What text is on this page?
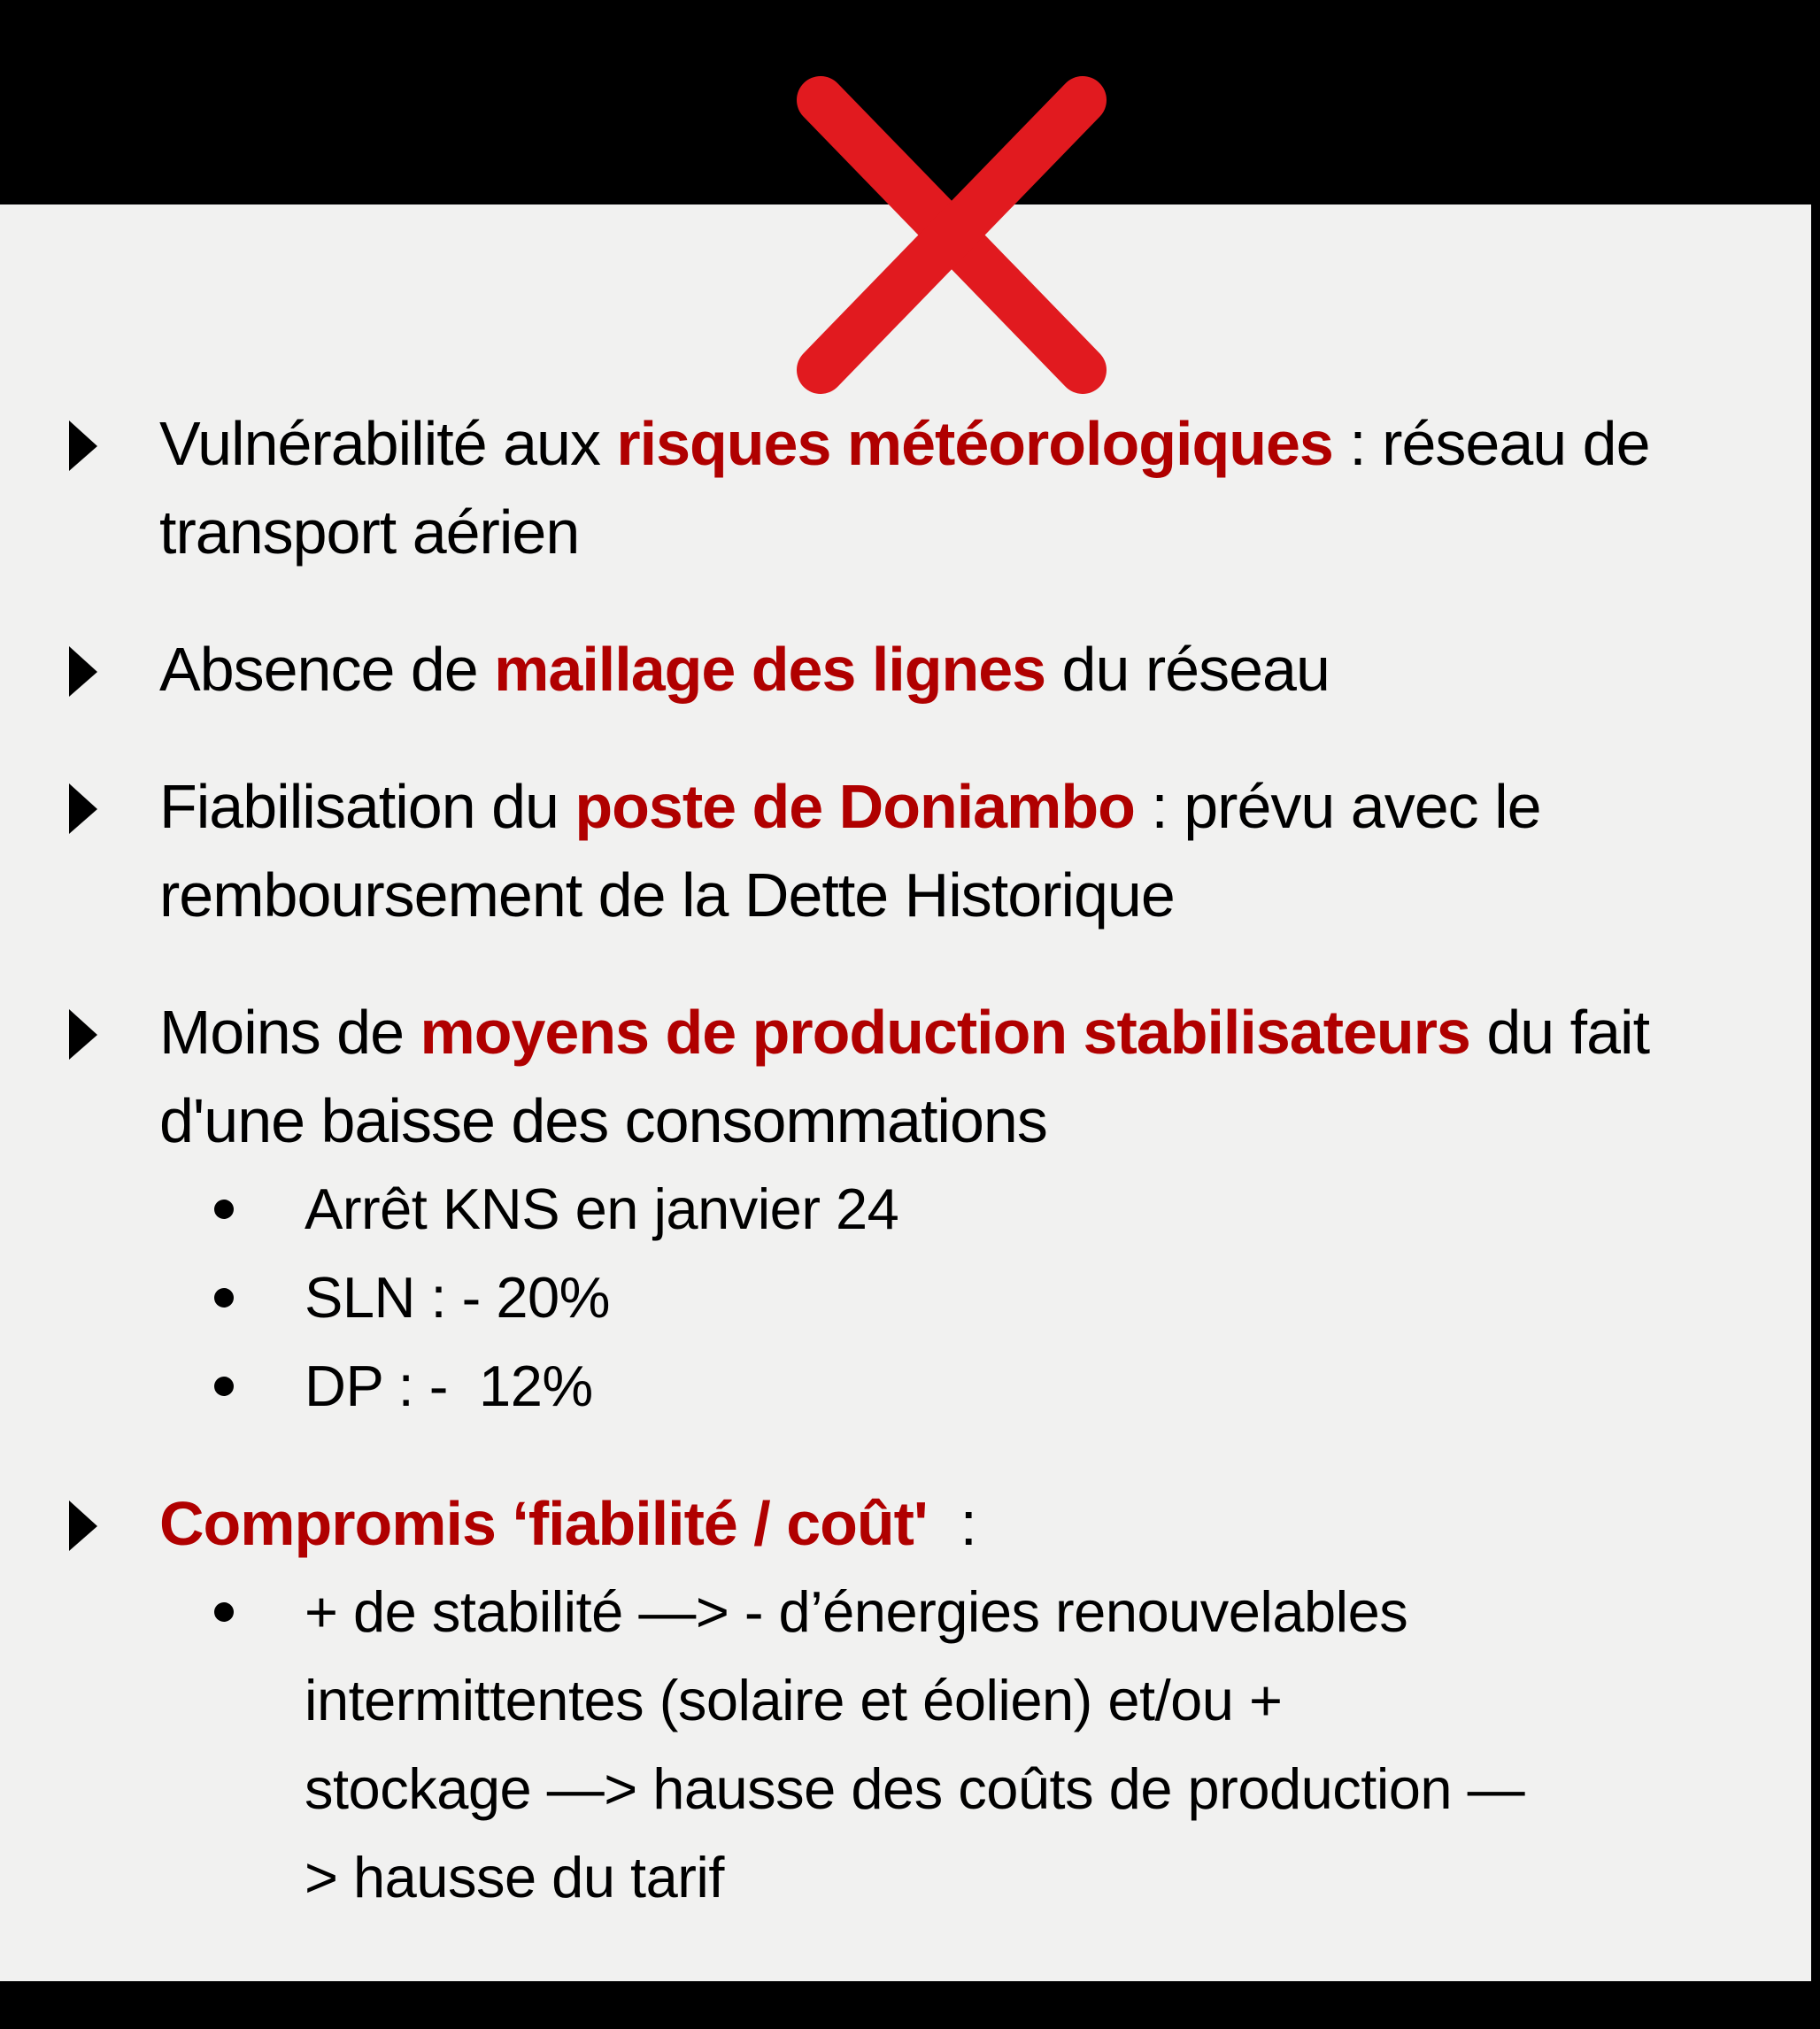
Vulnérabilité aux risques météorologiques : réseau de
transport aérien
Absence de maillage des lignes du réseau
Fiabilisation du poste de Doniambo : prévu avec le
remboursement de la Dette Historique
Moins de moyens de production stabilisateurs du fait
d'une baisse des consommations
Arrêt KNS en janvier 24
SLN : - 20%
DP : -  12%
Compromis ‘fiabilité / coût'  :
+ de stabilité —> - d’énergies renouvelables
intermittentes (solaire et éolien) et/ou +
stockage —> hausse des coûts de production —
> hausse du tarif
